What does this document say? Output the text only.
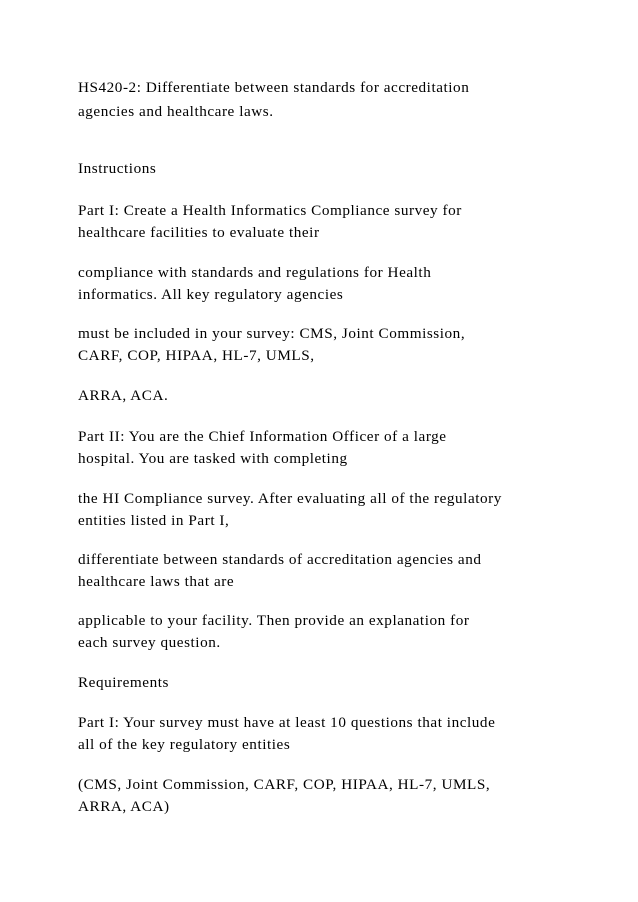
HS420-2: Differentiate between standards for accreditation

agencies and healthcare laws.

Instructions

Part I: Create a Health Informatics Compliance survey for

healthcare facilities to evaluate their

compliance with standards and regulations for Health

informatics. All key regulatory agencies

must be included in your survey: CMS, Joint Commission,

CARF, COP, HIPAA, HL-7, UMLS,

ARRA, ACA.

Part II: You are the Chief Information Officer of a large

hospital. You are tasked with completing

the HI Compliance survey. After evaluating all of the regulatory

entities listed in Part I,

differentiate between standards of accreditation agencies and

healthcare laws that are

applicable to your facility. Then provide an explanation for

each survey question.

Requirements

Part I: Your survey must have at least 10 questions that include

all of the key regulatory entities

(CMS, Joint Commission, CARF, COP, HIPAA, HL-7, UMLS,

ARRA, ACA)
